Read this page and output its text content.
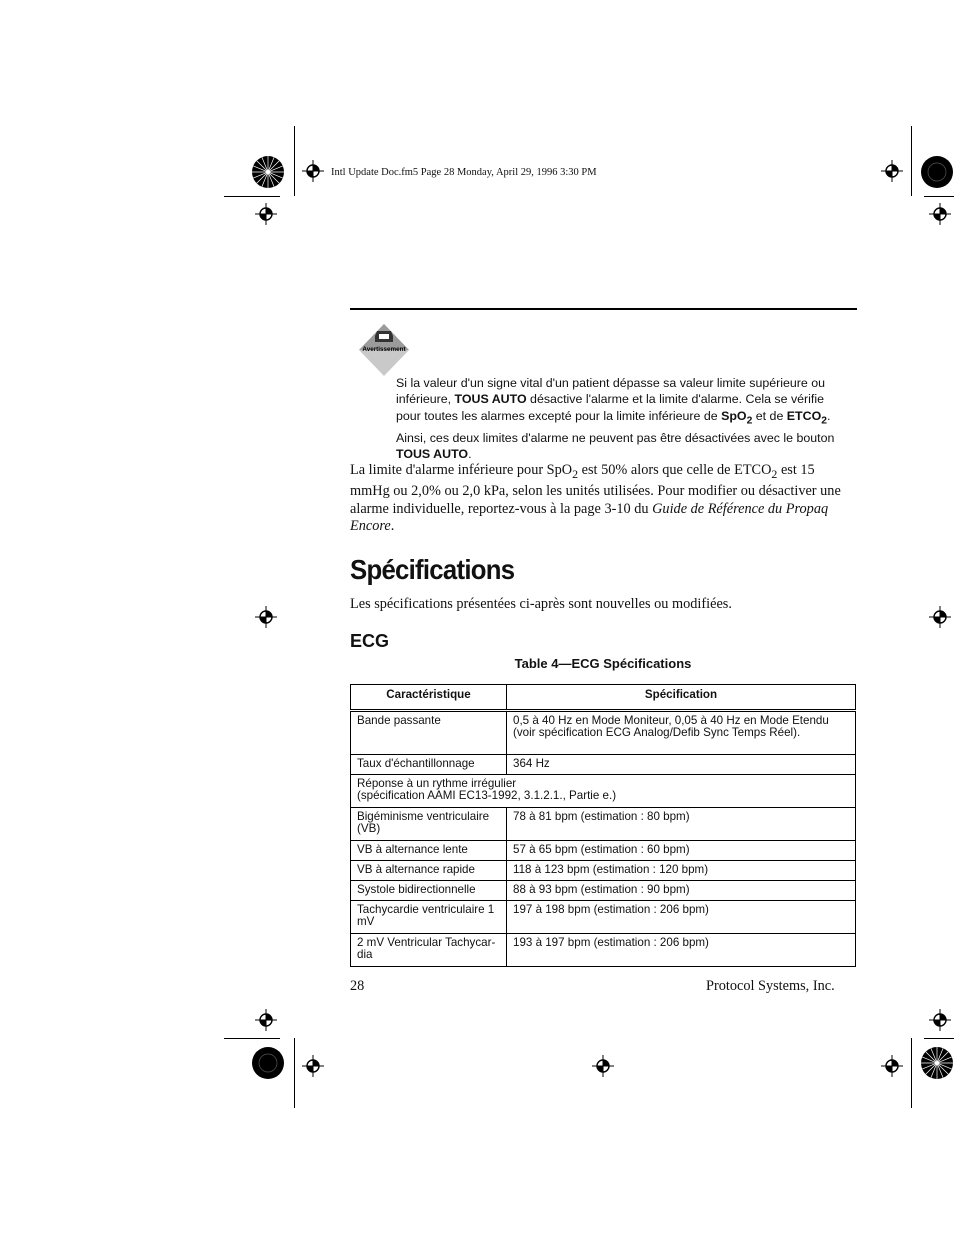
Intl Update Doc.fm5 Page 28 Monday, April 29, 1996 3:30 PM
Avertissement
Si la valeur d'un signe vital d'un patient dépasse sa valeur limite supérieure ou inférieure, TOUS AUTO désactive l'alarme et la limite d'alarme. Cela se vérifie pour toutes les alarmes excepté pour la limite inférieure de SpO$_2$ et de $ETCO_2$. Ainsi, ces deux limites d'alarme ne peuvent pas être désactivées avec le bouton TOUS AUTO.
La limite d'alarme inférieure pour SpO$_2$ est 50% alors que celle de $ETCO_2$ est 15 mmHg ou 2,0% ou 2,0 kPa, selon les unités utilisées. Pour modifier ou désactiver une alarme individuelle, reportez-vous à la page 3-10 du Guide de Référence du Propaq Encore.
Spécifications
Les spécifications présentées ci-après sont nouvelles ou modifiées.
ECG
Table 4—ECG Spécifications
Caractéristique	Spécification
Bande passante	0,5 à 40 Hz en Mode Moniteur, 0,05 à 40 Hz en Mode Etendu (voir spécification ECG Analog/Defib Sync Temps Réel).
Taux d'échantillonnage	364 Hz
Réponse à un rythme irrégulier
(spécification AAMI EC13-1992, 3.1.2.1., Partie e.)	
Bigéminisme ventriculaire (VB)	78 à 81 bpm (estimation : 80 bpm)
VB à alternance lente	57 à 65 bpm (estimation : 60 bpm)
VB à alternance rapide	118 à 123 bpm (estimation : 120 bpm)
Systole bidirectionnelle	88 à 93 bpm (estimation : 90 bpm)
Tachycardie ventriculaire 1 mV	197 à 198 bpm (estimation : 206 bpm)
2 mV Ventricular Tachycar-
dia	193 à 197 bpm (estimation : 206 bpm)
28	Protocol Systems, Inc.
